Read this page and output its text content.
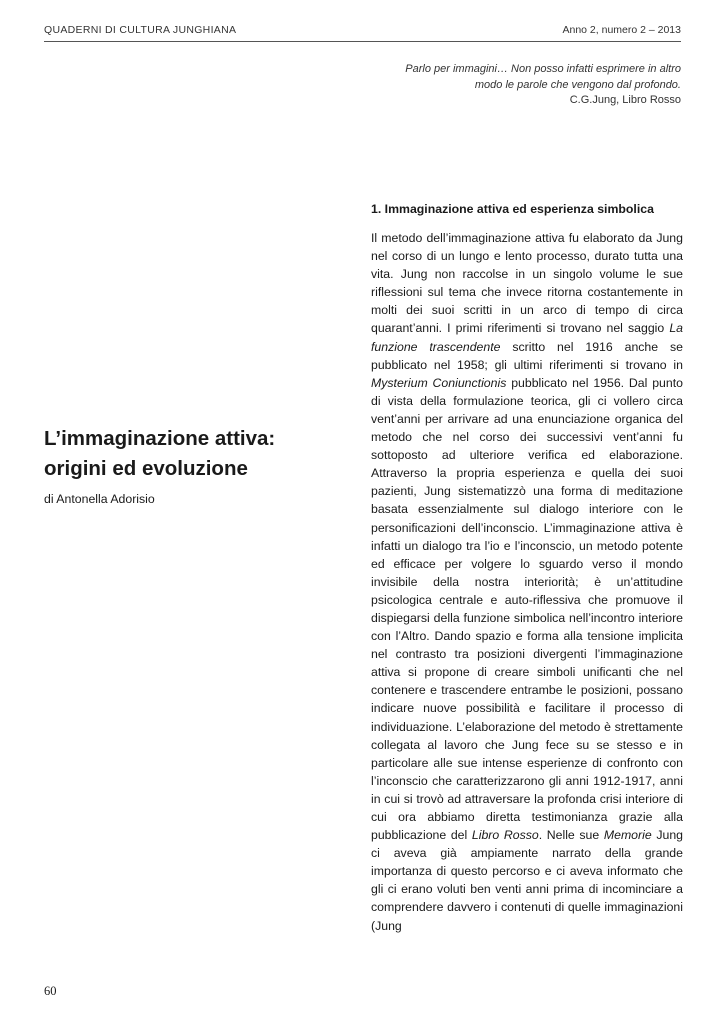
QUADERNI DI CULTURA JUNGHIANA	Anno 2, numero 2 – 2013
Parlo per immagini… Non posso infatti esprimere in altro
modo le parole che vengono dal profondo.
C.G.Jung, Libro Rosso
1. Immaginazione attiva ed esperienza simbolica
L’immaginazione attiva:
origini ed evoluzione
di Antonella Adorisio
Il metodo dell’immaginazione attiva fu elaborato da Jung nel corso di un lungo e lento processo, durato tutta una vita. Jung non raccolse in un singolo volume le sue riflessioni sul tema che invece ritorna costantemente in molti dei suoi scritti in un arco di tempo di circa quarant’anni. I primi riferimenti si trovano nel saggio La funzione trascendente scritto nel 1916 anche se pubblicato nel 1958; gli ultimi riferimenti si trovano in Mysterium Coniunctionis pubblicato nel 1956. Dal punto di vista della formulazione teorica, gli ci vollero circa vent’anni per arrivare ad una enunciazione organica del metodo che nel corso dei successivi vent’anni fu sottoposto ad ulteriore verifica ed elaborazione. Attraverso la propria esperienza e quella dei suoi pazienti, Jung sistematizzò una forma di meditazione basata essenzialmente sul dialogo interiore con le personificazioni dell’inconscio. L’immaginazione attiva è infatti un dialogo tra l’io e l’inconscio, un metodo potente ed efficace per volgere lo sguardo verso il mondo invisibile della nostra interiorità; è un’attitudine psicologica centrale e auto-riflessiva che promuove il dispiegarsi della funzione simbolica nell’incontro interiore con l’Altro. Dando spazio e forma alla tensione implicita nel contrasto tra posizioni divergenti l’immaginazione attiva si propone di creare simboli unificanti che nel contenere e trascendere entrambe le posizioni, possano indicare nuove possibilità e facilitare il processo di individuazione. L’elaborazione del metodo è strettamente collegata al lavoro che Jung fece su se stesso e in particolare alle sue intense esperienze di confronto con l’inconscio che caratterizzarono gli anni 1912-1917, anni in cui si trovò ad attraversare la profonda crisi interiore di cui ora abbiamo diretta testimonianza grazie alla pubblicazione del Libro Rosso. Nelle sue Memorie Jung ci aveva già ampiamente narrato della grande importanza di questo percorso e ci aveva informato che gli ci erano voluti ben venti anni prima di incominciare a comprendere davvero i contenuti di quelle immaginazioni (Jung
60
